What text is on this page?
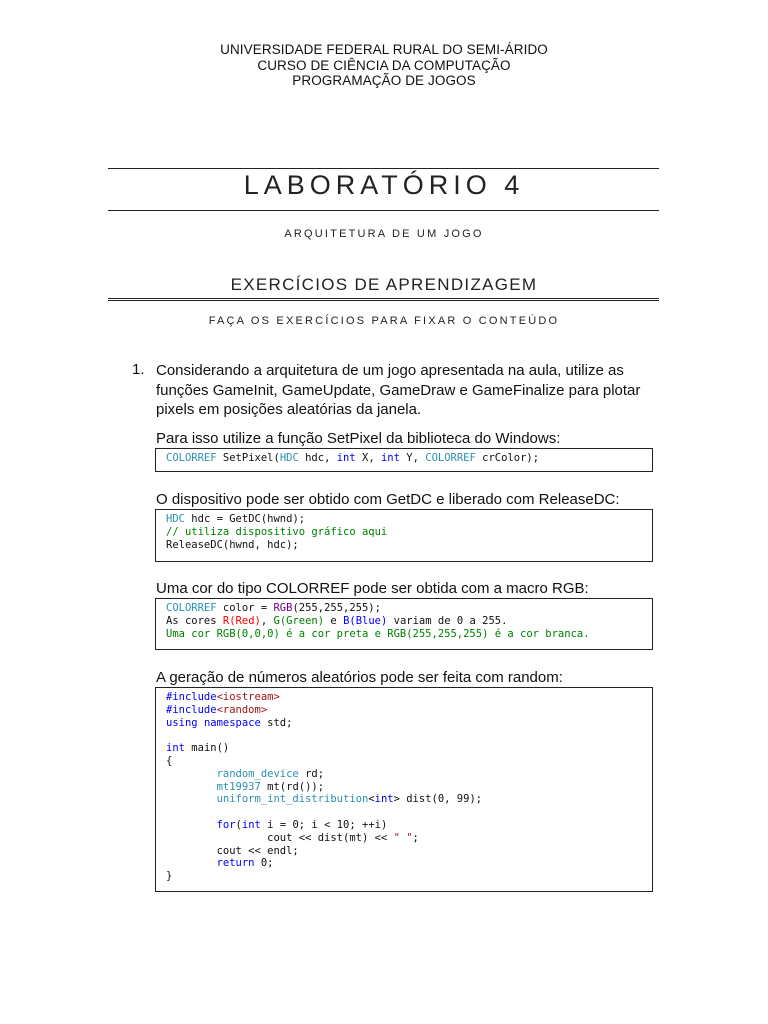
UNIVERSIDADE FEDERAL RURAL DO SEMI-ÁRIDO
CURSO DE CIÊNCIA DA COMPUTAÇÃO
PROGRAMAÇÃO DE JOGOS
LABORATÓRIO 4
ARQUITETURA DE UM JOGO
EXERCÍCIOS DE APRENDIZAGEM
FAÇA OS EXERCÍCIOS PARA FIXAR O CONTEÚDO
1. Considerando a arquitetura de um jogo apresentada na aula, utilize as funções GameInit, GameUpdate, GameDraw e GameFinalize para plotar pixels em posições aleatórias da janela.
Para isso utilize a função SetPixel da biblioteca do Windows:
COLORREF SetPixel(HDC hdc, int X, int Y, COLORREF crColor);
O dispositivo pode ser obtido com GetDC e liberado com ReleaseDC:
HDC hdc = GetDC(hwnd);
// utiliza dispositivo gráfico aqui
ReleaseDC(hwnd, hdc);
Uma cor do tipo COLORREF pode ser obtida com a macro RGB:
COLORREF color = RGB(255,255,255);
As cores R(Red), G(Green) e B(Blue) variam de 0 a 255.
Uma cor RGB(0,0,0) é a cor preta e RGB(255,255,255) é a cor branca.
A geração de números aleatórios pode ser feita com random:
#include<iostream>
#include<random>
using namespace std;

int main()
{
random_device rd;
mt19937 mt(rd());
uniform_int_distribution<int> dist(0, 99);

for(int i = 0; i < 10; ++i)
cout << dist(mt) << " ";
cout << endl;
return 0;
}
